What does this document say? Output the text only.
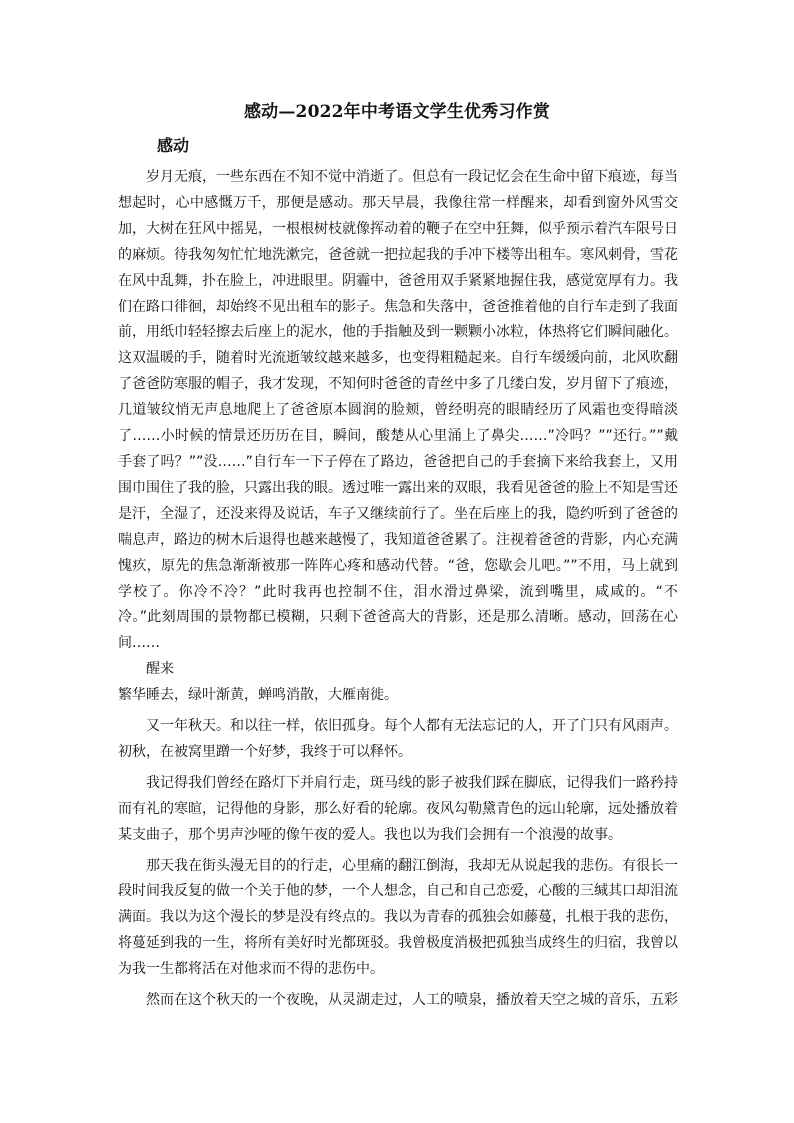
感动—2022年中考语文学生优秀习作赏
感动

岁月无痕，一些东西在不知不觉中消逝了。但总有一段记忆会在生命中留下痕迹，每当想起时，心中感慨万千，那便是感动。那天早晨，我像往常一样醒来，却看到窗外风雪交加，大树在狂风中摇晃，一根根树枝就像挥动着的鞭子在空中狂舞，似乎预示着汽车限号日的麻烦。待我匆匆忙忙地洗漱完，爸爸就一把拉起我的手冲下楼等出租车。寒风刺骨，雪花在风中乱舞，扑在脸上，冲进眼里。阴霾中，爸爸用双手紧紧地握住我，感觉宽厚有力。我们在路口徘徊，却始终不见出租车的影子。焦急和失落中，爸爸推着他的自行车走到了我面前，用纸巾轻轻擦去后座上的泥水，他的手指触及到一颗颗小冰粒，体热将它们瞬间融化。这双温暖的手，随着时光流逝皱纹越来越多，也变得粗糙起来。自行车缓缓向前，北风吹翻了爸爸防寒服的帽子，我才发现，不知何时爸爸的青丝中多了几缕白发，岁月留下了痕迹，几道皱纹悄无声息地爬上了爸爸原本圆润的脸颊，曾经明亮的眼睛经历了风霜也变得暗淡了……小时候的情景还历历在目，瞬间，酸楚从心里涌上了鼻尖……”冷吗？””还行。””戴手套了吗？””没……”自行车一下子停在了路边，爸爸把自己的手套摘下来给我套上，又用围巾围住了我的脸，只露出我的眼。透过唯一露出来的双眼，我看见爸爸的脸上不知是雪还是汗，全湿了，还没来得及说话，车子又继续前行了。坐在后座上的我，隐约听到了爸爸的喘息声，路边的树木后退得也越来越慢了，我知道爸爸累了。注视着爸爸的背影，内心充满愧疚，原先的焦急渐渐被那一阵阵心疼和感动代替。“爸，您歇会儿吧。””不用，马上就到学校了。你冷不冷？”此时我再也控制不住，泪水滑过鼻梁，流到嘴里，咸咸的。“不冷。”此刻周围的景物都已模糊，只剩下爸爸高大的背影，还是那么清晰。感动，回荡在心间……

醒来

繁华睡去，绿叶渐黄，蝉鸣消散，大雁南徙。

又一年秋天。和以往一样，依旧孤身。每个人都有无法忘记的人，开了门只有风雨声。初秋，在被窝里蹭一个好梦，我终于可以释怀。

我记得我们曾经在路灯下并肩行走，斑马线的影子被我们踩在脚底，记得我们一路矜持而有礼的寒暄，记得他的身影，那么好看的轮廓。夜风勾勒黛青色的远山轮廓，远处播放着某支曲子，那个男声沙哑的像午夜的爱人。我也以为我们会拥有一个浪漫的故事。

那天我在街头漫无目的的行走，心里痛的翻江倒海，我却无从说起我的悲伤。有很长一段时间我反复的做一个关于他的梦，一个人想念，自己和自己恋爱，心酸的三缄其口却泪流满面。我以为这个漫长的梦是没有终点的。我以为青春的孤独会如藤蔓，扎根于我的悲伤，将蔓延到我的一生，将所有美好时光都斑驳。我曾极度消极把孤独当成终生的归宿，我曾以为我一生都将活在对他求而不得的悲伤中。

然而在这个秋天的一个夜晚，从灵湖走过，人工的喷泉，播放着天空之城的音乐，五彩
